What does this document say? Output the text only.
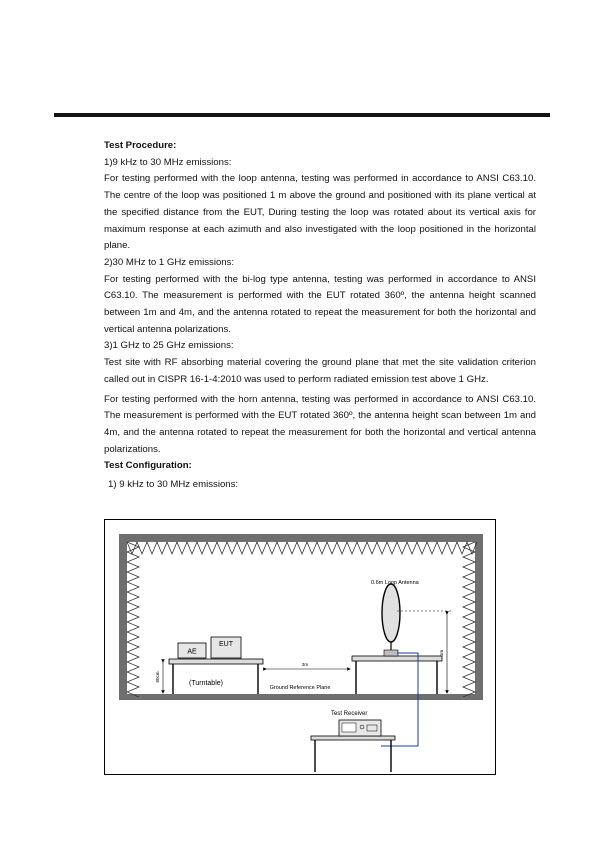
Test Procedure:

1)9 kHz to 30 MHz emissions:

For testing performed with the loop antenna, testing was performed in accordance to ANSI C63.10. The centre of the loop was positioned 1 m above the ground and positioned with its plane vertical at the specified distance from the EUT, During testing the loop was rotated about its vertical axis for maximum response at each azimuth and also investigated with the loop positioned in the horizontal plane.

2)30 MHz to 1 GHz emissions:

For testing performed with the bi-log type antenna, testing was performed in accordance to ANSI C63.10. The measurement is performed with the EUT rotated 360º, the antenna height scanned between 1m and 4m, and the antenna rotated to repeat the measurement for both the horizontal and vertical antenna polarizations.

3)1 GHz to 25 GHz emissions:

Test site with RF absorbing material covering the ground plane that met the site validation criterion called out in CISPR 16-1-4:2010 was used to perform radiated emission test above 1 GHz.

For testing performed with the horn antenna, testing was performed in accordance to ANSI C63.10. The measurement is performed with the EUT rotated 360º, the antenna height scan between 1m and 4m, and the antenna rotated to repeat the measurement for both the horizontal and vertical antenna polarizations.

Test Configuration:

1) 9 kHz to 30 MHz emissions:

AE
EUT
80cm
(Turntable)
3m
Ground Reference Plane
0.6m Loop Antenna
1m
Test Receiver
